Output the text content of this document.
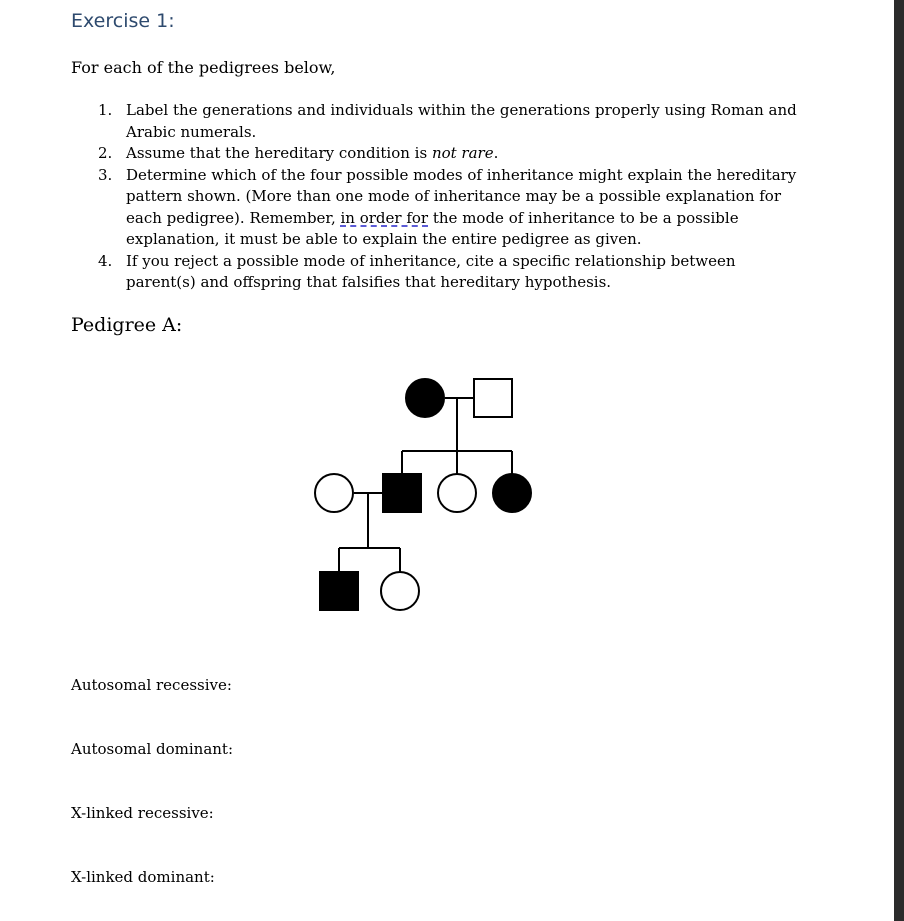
Exercise 1:
For each of the pedigrees below,
1. Label the generations and individuals within the generations properly using Roman and Arabic numerals.
2. Assume that the hereditary condition is not rare.
3. Determine which of the four possible modes of inheritance might explain the hereditary pattern shown. (More than one mode of inheritance may be a possible explanation for each pedigree). Remember, in order for the mode of inheritance to be a possible explanation, it must be able to explain the entire pedigree as given.
4. If you reject a possible mode of inheritance, cite a specific relationship between parent(s) and offspring that falsifies that hereditary hypothesis.
Pedigree A:
Autosomal recessive:
Autosomal dominant:
X-linked recessive:
X-linked dominant:
